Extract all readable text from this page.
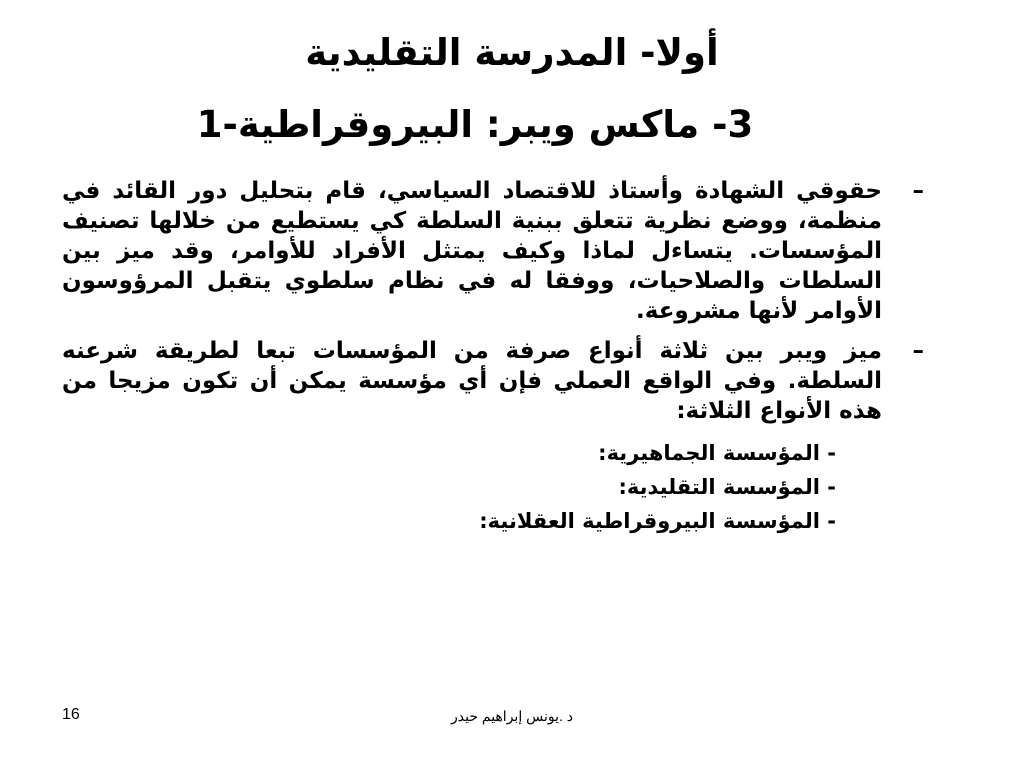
أولا- المدرسة التقليدية
3- ماكس ويبر: البيروقراطية-1
–
حقوقي الشهادة وأستاذ للاقتصاد السياسي، قام بتحليل دور القائد في منظمة، ووضع نظرية تتعلق ببنية السلطة كي يستطيع من خلالها تصنيف المؤسسات. يتساءل لماذا وكيف يمتثل الأفراد للأوامر، وقد ميز بين السلطات والصلاحيات، ووفقا له في نظام سلطوي يتقبل المرؤوسون الأوامر لأنها مشروعة.
–
ميز ويبر بين ثلاثة أنواع صرفة من المؤسسات تبعا لطريقة شرعنه السلطة. وفي الواقع العملي فإن أي مؤسسة يمكن أن تكون مزيجا من هذه الأنواع الثلاثة:
- المؤسسة الجماهيرية:
- المؤسسة التقليدية:
- المؤسسة البيروقراطية العقلانية:
د .يونس إبراهيم حيدر
16
